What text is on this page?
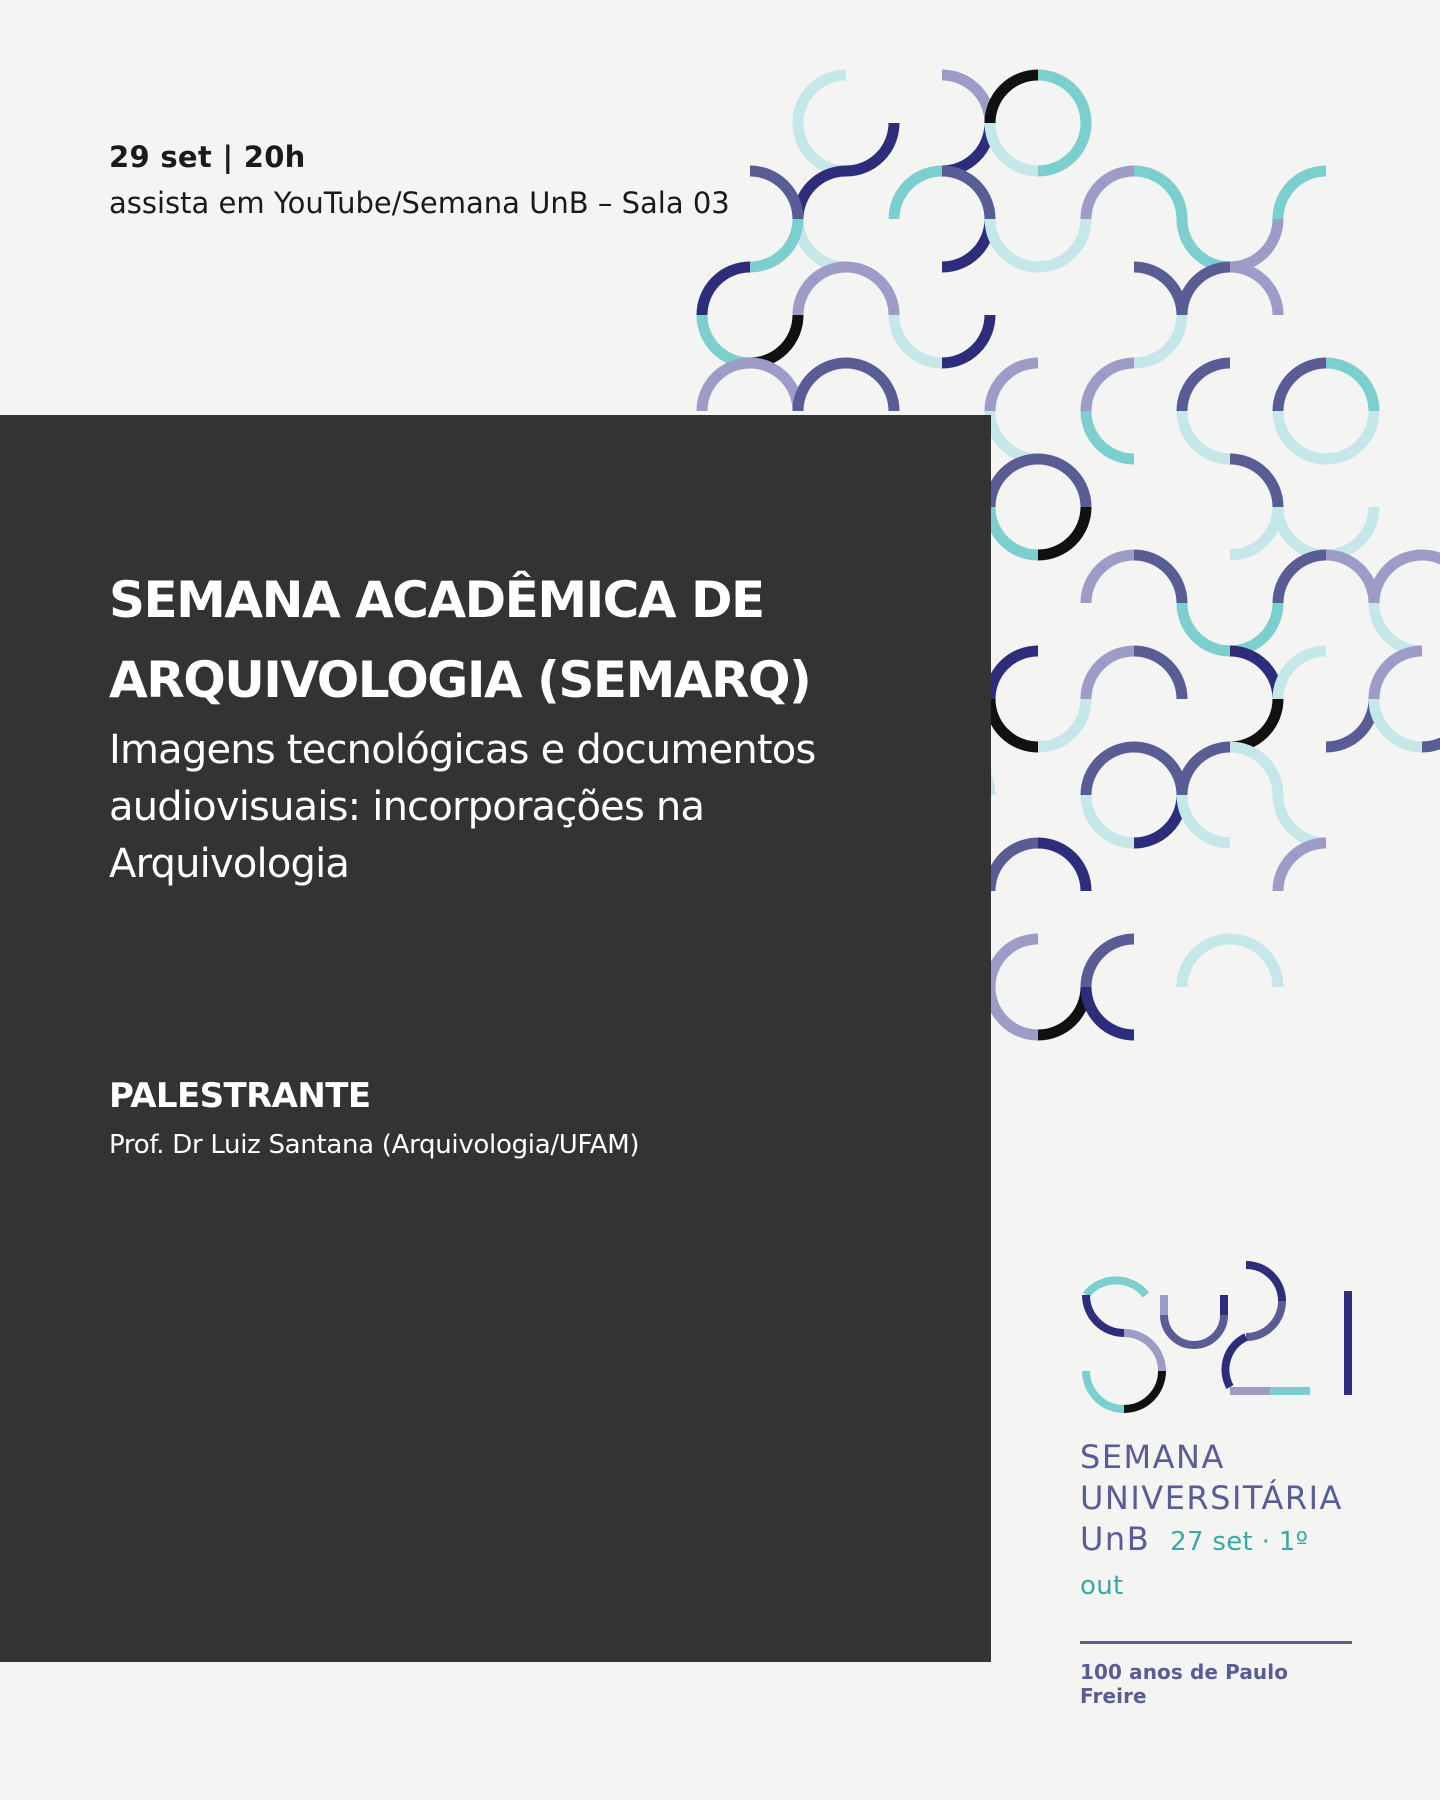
29 set | 20h
assista em YouTube/Semana UnB – Sala 03
SEMANA ACADÊMICA DE ARQUIVOLOGIA (SEMARQ)

Imagens tecnológicas e documentos audiovisuais: incorporações na Arquivologia

PALESTRANTE

Prof. Dr Luiz Santana (Arquivologia/UFAM)

SEMANA
UNIVERSITÁRIA
UnB 27 set · 1º out
100 anos de Paulo Freire
